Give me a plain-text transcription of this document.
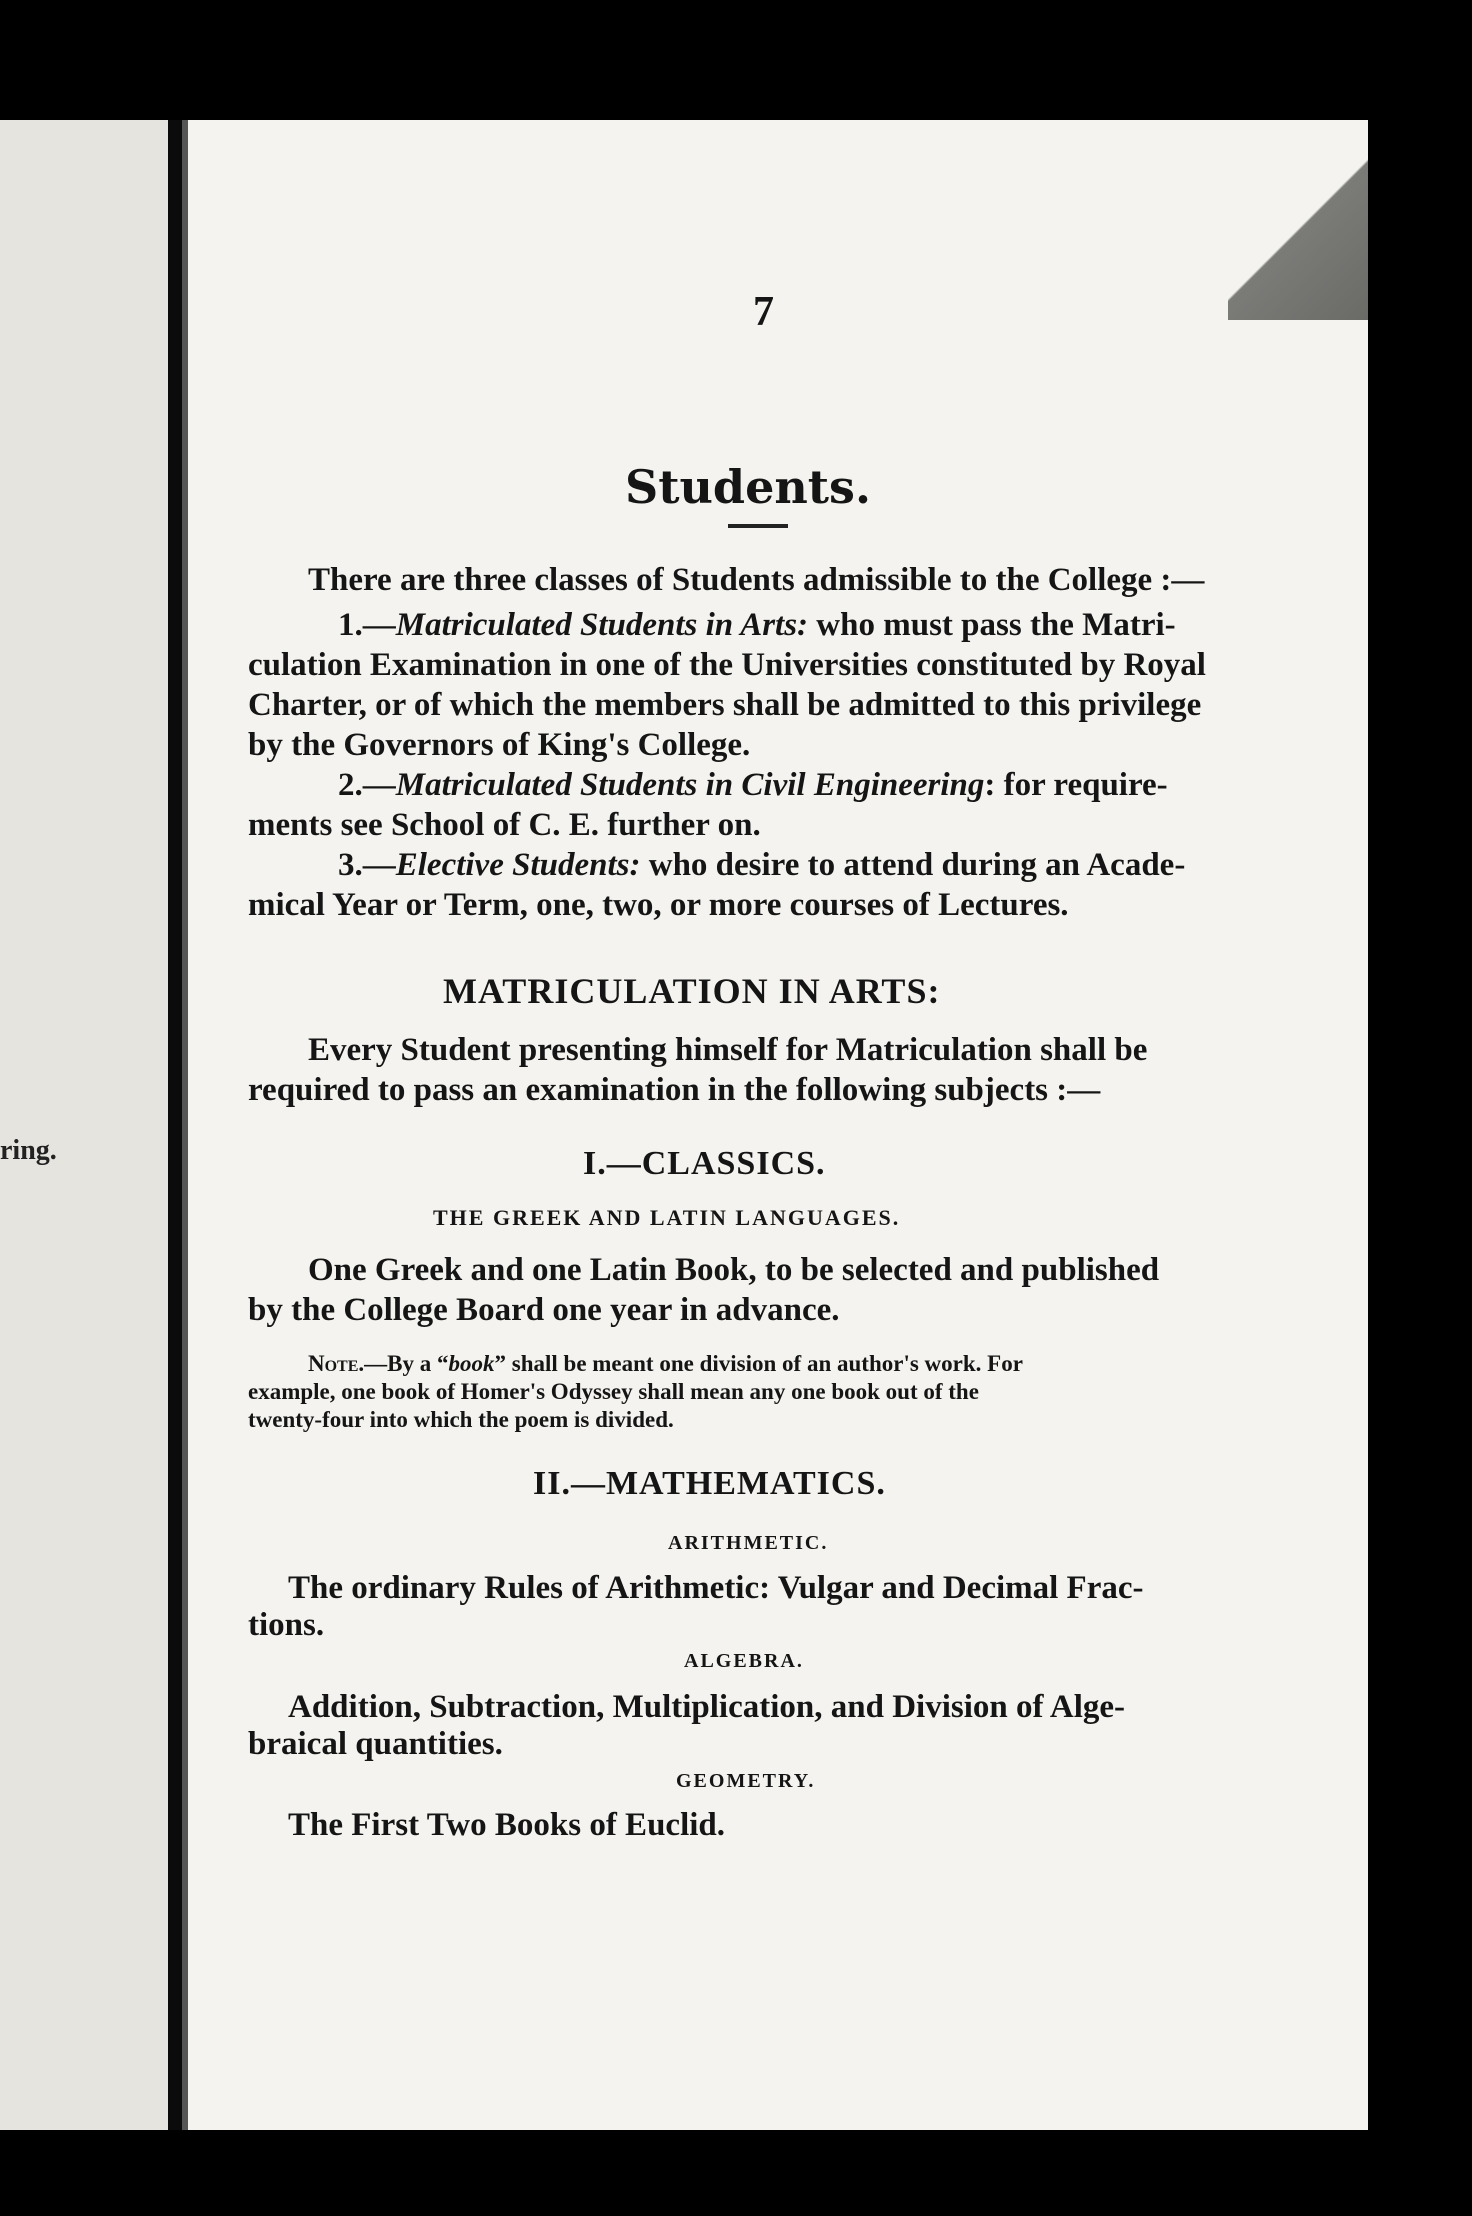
ring.
7
Students.
There are three classes of Students admissible to the College :—
1.—Matriculated Students in Arts: who must pass the Matri-
culation Examination in one of the Universities constituted by Royal
Charter, or of which the members shall be admitted to this privilege
by the Governors of King's College.
2.—Matriculated Students in Civil Engineering: for require-
ments see School of C. E. further on.
3.—Elective Students: who desire to attend during an Acade-
mical Year or Term, one, two, or more courses of Lectures.
MATRICULATION IN ARTS:
Every Student presenting himself for Matriculation shall be
required to pass an examination in the following subjects :—
I.—CLASSICS.
THE GREEK AND LATIN LANGUAGES.
One Greek and one Latin Book, to be selected and published
by the College Board one year in advance.
Note.—By a “book” shall be meant one division of an author's work. For
example, one book of Homer's Odyssey shall mean any one book out of the
twenty-four into which the poem is divided.
II.—MATHEMATICS.
ARITHMETIC.
The ordinary Rules of Arithmetic: Vulgar and Decimal Frac-
tions.
ALGEBRA.
Addition, Subtraction, Multiplication, and Division of Alge-
braical quantities.
GEOMETRY.
The First Two Books of Euclid.
